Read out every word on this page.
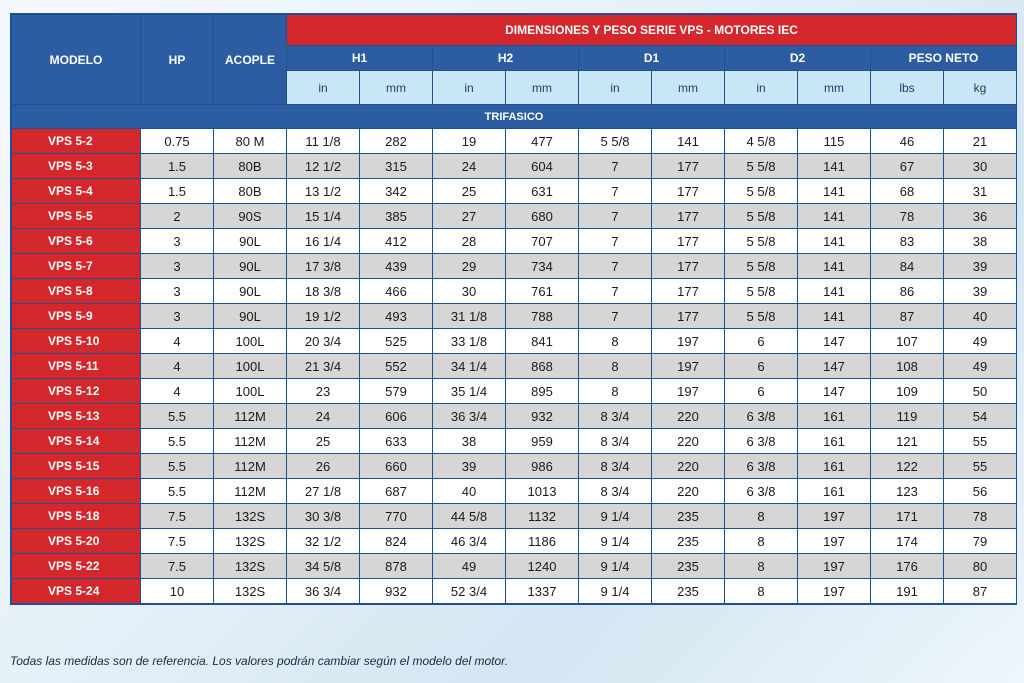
MODELO	HP	ACOPLE	DIMENSIONES Y PESO SERIE VPS - MOTORES IEC									
			H1		H2		D1		D2		PESO NETO	
			in	mm	in	mm	in	mm	in	mm	lbs	kg
TRIFASICO												
VPS 5-2	0.75	80 M	11 1/8	282	19	477	5 5/8	141	4 5/8	115	46	21
VPS 5-3	1.5	80B	12 1/2	315	24	604	7	177	5 5/8	141	67	30
VPS 5-4	1.5	80B	13 1/2	342	25	631	7	177	5 5/8	141	68	31
VPS 5-5	2	90S	15 1/4	385	27	680	7	177	5 5/8	141	78	36
VPS 5-6	3	90L	16 1/4	412	28	707	7	177	5 5/8	141	83	38
VPS 5-7	3	90L	17 3/8	439	29	734	7	177	5 5/8	141	84	39
VPS 5-8	3	90L	18 3/8	466	30	761	7	177	5 5/8	141	86	39
VPS 5-9	3	90L	19 1/2	493	31 1/8	788	7	177	5 5/8	141	87	40
VPS 5-10	4	100L	20 3/4	525	33 1/8	841	8	197	6	147	107	49
VPS 5-11	4	100L	21 3/4	552	34 1/4	868	8	197	6	147	108	49
VPS 5-12	4	100L	23	579	35 1/4	895	8	197	6	147	109	50
VPS 5-13	5.5	112M	24	606	36 3/4	932	8 3/4	220	6 3/8	161	119	54
VPS 5-14	5.5	112M	25	633	38	959	8 3/4	220	6 3/8	161	121	55
VPS 5-15	5.5	112M	26	660	39	986	8 3/4	220	6 3/8	161	122	55
VPS 5-16	5.5	112M	27 1/8	687	40	1013	8 3/4	220	6 3/8	161	123	56
VPS 5-18	7.5	132S	30 3/8	770	44 5/8	1132	9 1/4	235	8	197	171	78
VPS 5-20	7.5	132S	32 1/2	824	46 3/4	1186	9 1/4	235	8	197	174	79
VPS 5-22	7.5	132S	34 5/8	878	49	1240	9 1/4	235	8	197	176	80
VPS 5-24	10	132S	36 3/4	932	52 3/4	1337	9 1/4	235	8	197	191	87
Todas las medidas son de referencia. Los valores podrán cambiar según el modelo del motor.
